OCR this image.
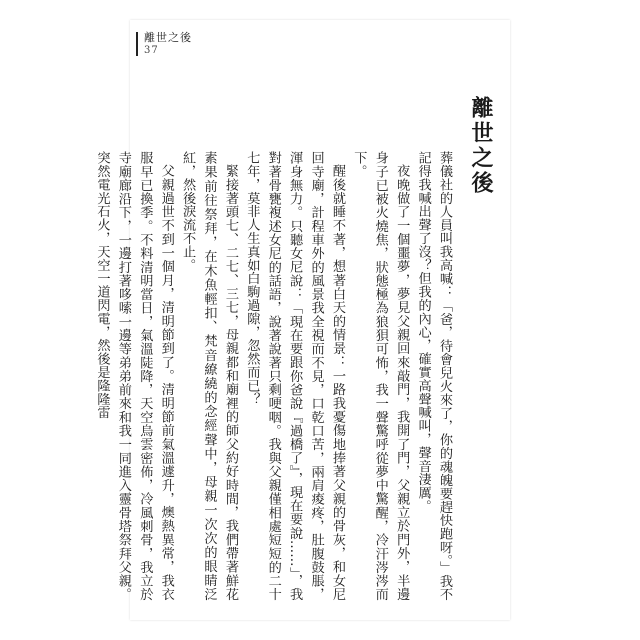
離世之後
37
離世之後

葬儀社的人員叫我高喊：「爸，待會兒火來了，你的魂魄要趕快跑呀。」我不記得我喊出聲了沒？但我的內心，確實高聲喊叫，聲音淒厲。

夜晚做了一個噩夢，夢見父親回來敲門，我開了門，父親立於門外，半邊身子已被火燒焦，狀態極為狼狽可怖，我一聲驚呼從夢中驚醒，冷汗涔涔而下。

醒後就睡不著，想著白天的情景：一路我憂傷地捧著父親的骨灰，和女尼回寺廟，計程車外的風景我全視而不見，口乾口苦，兩肩痠疼，肚腹鼓脹，渾身無力。只聽女尼說：「現在要跟你爸說『過橋了』，現在要說……」，我對著骨甕複述女尼的話語，說著說著只剩哽咽。我與父親僅相處短短的二十七年，莫非人生真如白駒過隙，忽然而已？

緊接著頭七、二七、三七，母親都和廟裡的師父約好時間，我們帶著鮮花素果前往祭拜，在木魚輕扣、梵音繚繞的念經聲中，母親一次次的眼睛泛紅，然後淚流不止。

父親過世不到一個月，清明節到了。清明節前氣溫遽升，燠熱異常，我衣服早已換季。不料清明當日，氣溫陡降，天空烏雲密佈，冷風刺骨，我立於寺廟廊沿下，一邊打著哆嗦一邊等弟弟前來和我一同進入靈骨塔祭拜父親。突然電光石火，天空一道閃電，然後是隆隆雷
